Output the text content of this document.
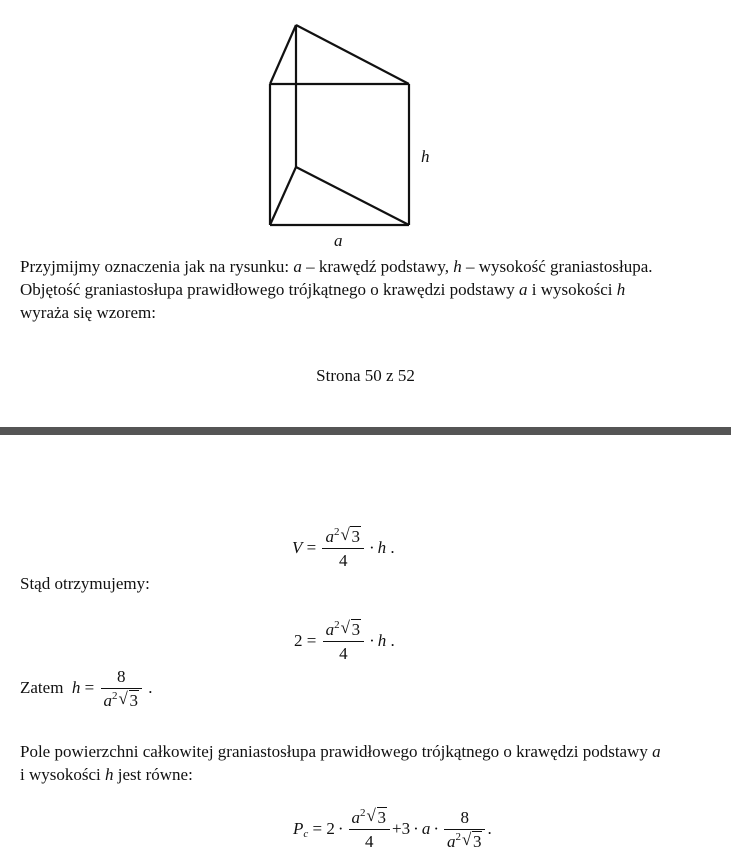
h
a

Przyjmijmy oznaczenia jak na rysunku: a – krawędź podstawy, h – wysokość graniastosłupa.
Objętość graniastosłupa prawidłowego trójkątnego o krawędzi podstawy a i wysokości h
wyraża się wzorem:

Strona 50 z 52
$V = \frac{a^2 √ 3}{4} \cdot h$ .
Stąd otrzymujemy:
$2 = \frac{a^2 √ 3}{4} \cdot h$ .
Zatem $h = \frac{8}{a^2 √ 3}$ .

Pole powierzchni całkowitej graniastosłupa prawidłowego trójkątnego o krawędzi podstawy a
i wysokości h jest równe:

$P_c = 2 \cdot \frac{a^2 √ 3}{4} +3 \cdot a \cdot \frac{8}{a^2 √ 3}$ .
